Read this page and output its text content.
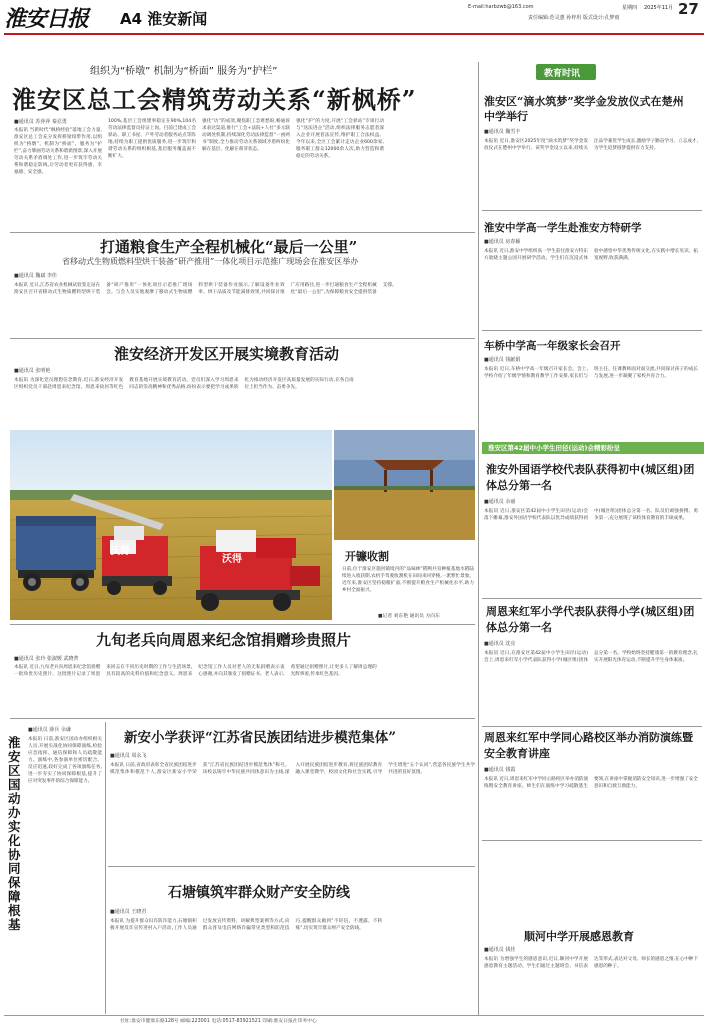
淮安日报 A4 淮安新闻
E-mail:harbzwb@163.com
责任编辑:范灵蕙 孙梓玥 版式设计:孔梦雨
星期四 2025年11月 27
组织为“桥墩” 机制为“桥面” 服务为“护栏”
淮安区总工会精筑劳动关系“新枫桥”
■通讯员 苏萍萍 秦忍勇
本报讯 当新时代“枫桥经验”落地工会力量,淮安区总工会充分发挥桥梁纽带作用,以组织为“桥墩”、机制为“桥面”、服务为“护栏”,奋力擘画劳动关系和谐新图景,深入开展劳动关系矛盾调处工作,进一步筑牢劳动关系和谐稳定防线,让劳动者更有获得感、幸福感、安全感。
100%,基层工会组建率稳定在90%,104名劳动法律监督员持证上岗。目前已建成工会驿站、职工书屋、户外劳动者服务站点等阵地,持续为职工提供优质服务,进一步筑牢和谐劳动关系的组织根基,基层服务覆盖面不断扩大。
强化“访”的成效,聚焦职工急难愁盼,畅通诉求表达渠道,推行“工会+法院+人社”多元联动调处机制,持续深化劳动法律监督“一函两书”制度,全力推动劳动关系领域矛盾纠纷化解在基层、化解在萌芽状态。
强化“护”的力度,开展“工会驿站”专项行动与“送法进企”活动,组织法律服务志愿者深入企业开展普法宣传,维护职工合法权益。今年以来,全区工会累计走访企业600余家,服务职工群众12000余人次,助力营造和谐稳定的劳动关系。
打通粮食生产全程机械化“最后一公里”
省移动式生物质燃料型烘干装备“研产推用”一体化项目示范推广现场会在淮安区举办
■通讯员 魏斌 李佳
本报讯 近日,江苏省农业机械试验鉴定站在淮安区召开省移动式生物质燃料型烘干装备“研产推用”一体化项目示范推广现场会。与会人员实地观摩了移动式生物质燃料型烘干装备作业演示,了解设备作业效率、烘干品质及节能减排效果,共同探讨推广应用路径,进一步打通粮食生产全程机械化“最后一公里”,为保障粮食安全提供装备支撑。
淮安经济开发区开展实境教育活动
■通讯员 张明艳
本报讯 为深化党员理想信念教育,近日,淮安经济开发区组织党员干部赴周恩来纪念馆、周恩来故居等红色教育基地开展实境教育活动。党员们深入学习周恩来同志的崇高精神和优秀品格,纷纷表示要把学习成果转化为推动经济开发区高质量发展的实际行动,在各自岗位上担当作为、奋勇争先。
沃得
沃得	开镰收割
日前,位于淮安区施河镇境内的“品味林”稻鸭共育种植基地水稻陆续进入收获期,农机手驾驶收割机在田间来回穿梭,一派繁忙景象。近年来,淮安区坚持稳粮扩面,不断提升粮食生产机械化水平,助力乡村全面振兴。
■记者 刘东艳 通讯员 方向东
九旬老兵向周恩来纪念馆捐赠珍贵照片
■通讯员 张玲 张淑媛 武晓菁
本报讯 近日,九旬老兵向周恩来纪念馆捐赠一批珍贵历史照片。这批照片记录了周恩来同志在不同历史时期的工作与生活场景,具有较高的史料价值和纪念意义。周恩来纪念馆工作人员对老人的无私捐赠表示衷心感谢,并向其颁发了捐赠证书。老人表示,希望通过捐赠照片,让更多人了解周总理的光辉事迹,传承红色基因。
淮安区国动办实化协同保障根基
■通讯员 薛兵 余谦
本报讯 日前,淮安区国动办组织相关人员,开展实战化协同保障演练,检验应急指挥、通信保障和人员疏散能力。演练中,各参演单位密切配合、反应迅速,较好完成了各项演练任务,进一步夯实了协同保障根基,提升了应对突发事件的综合保障能力。
新安小学获评“江苏省民族团结进步模范集体”
■通讯员 周永飞
本报讯 日前,省政府表彰全省民族团结进步模范集体和模范个人,淮安区新安小学荣获“江苏省民族团结进步模范集体”称号。该校以铸牢中华民族共同体意识为主线,深入开展民族团结进步教育,将民族团结教育融入课堂教学、校园文化和社会实践,引导学生增进“五个认同”,营造各民族学生共学共进的良好氛围。
石塘镇筑牢群众财产安全防线
■通讯员 王晓君
本报讯 为提升群众识诈防诈能力,石塘镇积极开展反诈宣传进村入户活动,工作人员通过发放宣传资料、讲解典型案例等方式,向群众普及电信网络诈骗常见类型和防范技巧,提醒群众做到“不轻信、不透露、不转账”,切实筑牢群众财产安全防线。
教育时讯
淮安区“滴水筑梦”奖学金发放仪式在楚州中学举行
■通讯员 魏雪丰
本报讯 近日,淮安区2025年度“滴水筑梦”奖学金发放仪式在楚州中学举行。该奖学金设立以来,持续关注品学兼优学生成长,激励学子勤奋学习、立志成才,为学生追梦圆梦提供有力支持。
淮安中学高一学生赴淮安方特研学
■通讯员 房春颖
本报讯 近日,淮安中学组织高一学生前往淮安方特东方欲晓主题公园开展研学活动。学生们在沉浸式体验中感悟中华优秀传统文化,在实践中增长见识、拓宽视野,收获满满。
车桥中学高一年级家长会召开
■通讯员 钱献娟
本报讯 近日,车桥中学高一年级召开家长会。会上,学校介绍了年级学情和教育教学工作安排,家长们与班主任、任课教师面对面交流,共同探讨孩子的成长与发展,进一步凝聚了家校共育合力。
淮安区第42届中小学生田径(运动)会精彩纷呈
淮安外国语学校代表队获得初中(城区组)团体总分第一名
■通讯员 余丽
本报讯 近日,淮安区第42届中小学生田径(运动)会落下帷幕,淮安外国语学校代表队以优异成绩获得初中(城区组)团体总分第一名。队员们顽强拼搏、勇争第一,充分展现了该校体育教育的丰硕成果。
周恩来红军小学代表队获得小学(城区组)团体总分第一名
■通讯员 沈亮
本报讯 近日,在淮安区第42届中小学生田径(运动)会上,周恩来红军小学代表队获得小学(城区组)团体总分第一名。学校始终坚持健康第一的教育理念,扎实开展阳光体育运动,不断提升学生身体素质。
周恩来红军中学同心路校区举办消防演练暨安全教育讲座
■通讯员 钱霞
本报讯 近日,周恩来红军中学同心路校区举办消防演练暨安全教育讲座。师生们在演练中学习疏散逃生要领,在讲座中掌握消防安全知识,进一步增强了安全意识和自救互救能力。
顺河中学开展感恩教育
■通讯员 钱佳
本报讯 为增强学生的感恩意识,近日,顺河中学开展感恩教育主题活动。学生们通过主题班会、书信表达等形式,表达对父母、师长的感恩之情,在心中种下感恩的种子。
社址:淮安市健康东路128号 邮编:223001 电话:0517-83921521 印刷:淮安日报社印务中心
